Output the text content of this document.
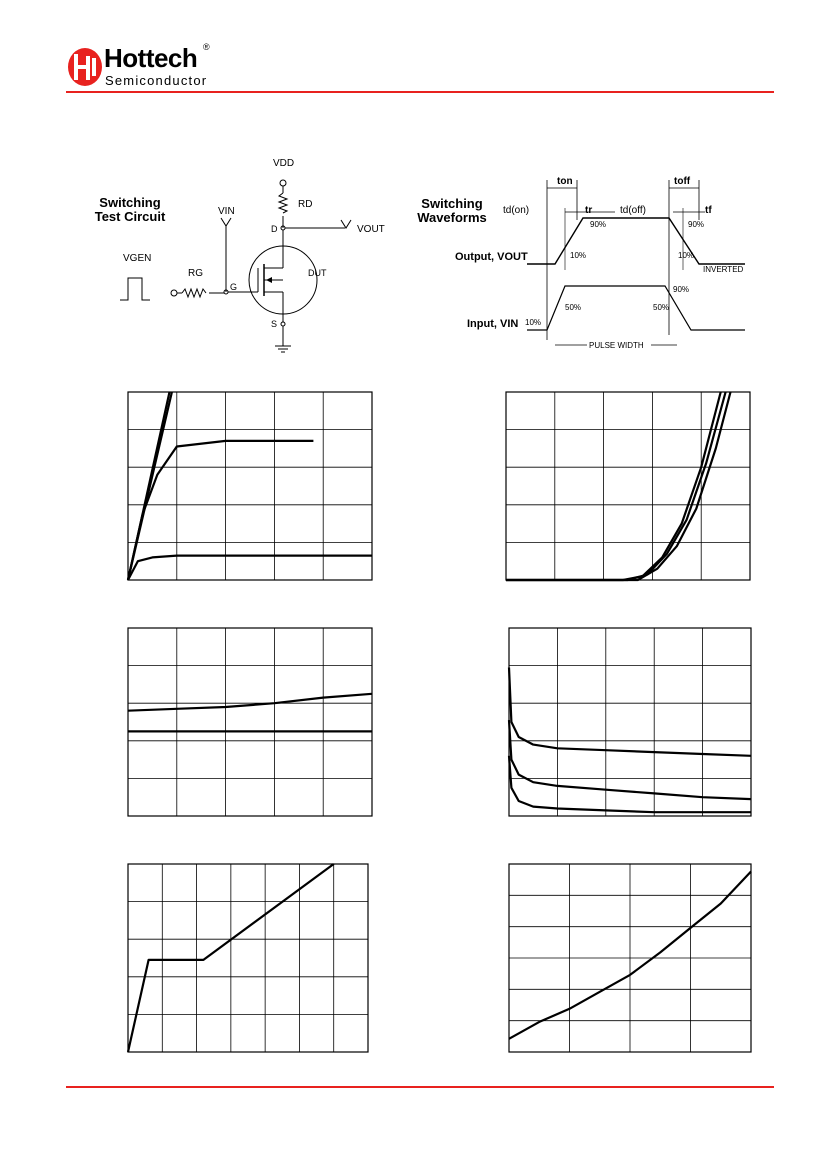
Hottech ®
Semiconductor
Switching
Test Circuit
VDD
RD
D	VOUT
VIN
G
DUT
S
VGEN
RG
Switching
Waveforms
ton	toff
td(on)	tr	td(off)	tf
Output, VOUT
90%	90%
10%	10%
INVERTED
Input, VIN 10%
50%	50%
90%
PULSE WIDTH
